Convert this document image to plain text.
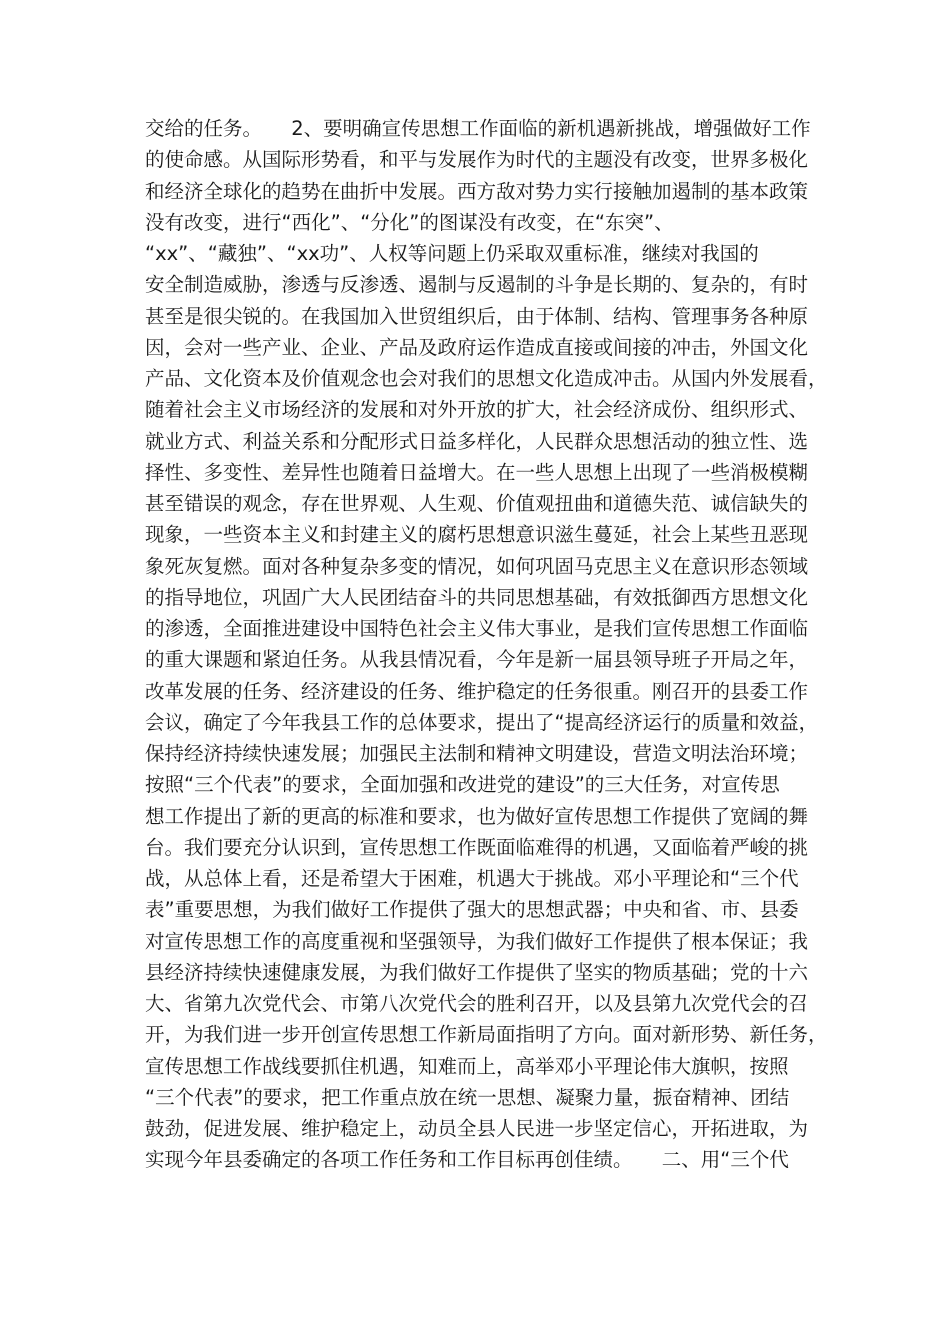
交给的任务。　　2、要明确宣传思想工作面临的新机遇新挑战，增强做好工作
的使命感。从国际形势看，和平与发展作为时代的主题没有改变，世界多极化
和经济全球化的趋势在曲折中发展。西方敌对势力实行接触加遏制的基本政策
没有改变，进行“西化”、“分化”的图谋没有改变，在“东突”、
“xx”、“藏独”、“xx功”、人权等问题上仍采取双重标准，继续对我国的
安全制造威胁，渗透与反渗透、遏制与反遏制的斗争是长期的、复杂的，有时
甚至是很尖锐的。在我国加入世贸组织后，由于体制、结构、管理事务各种原
因，会对一些产业、企业、产品及政府运作造成直接或间接的冲击，外国文化
产品、文化资本及价值观念也会对我们的思想文化造成冲击。从国内外发展看，
随着社会主义市场经济的发展和对外开放的扩大，社会经济成份、组织形式、
就业方式、利益关系和分配形式日益多样化，人民群众思想活动的独立性、选
择性、多变性、差异性也随着日益增大。在一些人思想上出现了一些消极模糊
甚至错误的观念，存在世界观、人生观、价值观扭曲和道德失范、诚信缺失的
现象，一些资本主义和封建主义的腐朽思想意识滋生蔓延，社会上某些丑恶现
象死灰复燃。面对各种复杂多变的情况，如何巩固马克思主义在意识形态领域
的指导地位，巩固广大人民团结奋斗的共同思想基础，有效抵御西方思想文化
的渗透，全面推进建设中国特色社会主义伟大事业，是我们宣传思想工作面临
的重大课题和紧迫任务。从我县情况看，今年是新一届县领导班子开局之年，
改革发展的任务、经济建设的任务、维护稳定的任务很重。刚召开的县委工作
会议，确定了今年我县工作的总体要求，提出了“提高经济运行的质量和效益，
保持经济持续快速发展；加强民主法制和精神文明建设，营造文明法治环境；
按照“三个代表”的要求，全面加强和改进党的建设”的三大任务，对宣传思
想工作提出了新的更高的标准和要求，也为做好宣传思想工作提供了宽阔的舞
台。我们要充分认识到，宣传思想工作既面临难得的机遇，又面临着严峻的挑
战，从总体上看，还是希望大于困难，机遇大于挑战。邓小平理论和“三个代
表”重要思想，为我们做好工作提供了强大的思想武器；中央和省、市、县委
对宣传思想工作的高度重视和坚强领导，为我们做好工作提供了根本保证；我
县经济持续快速健康发展，为我们做好工作提供了坚实的物质基础；党的十六
大、省第九次党代会、市第八次党代会的胜利召开，以及县第九次党代会的召
开，为我们进一步开创宣传思想工作新局面指明了方向。面对新形势、新任务，
宣传思想工作战线要抓住机遇，知难而上，高举邓小平理论伟大旗帜，按照
“三个代表”的要求，把工作重点放在统一思想、凝聚力量，振奋精神、团结
鼓劲，促进发展、维护稳定上，动员全县人民进一步坚定信心，开拓进取，为
实现今年县委确定的各项工作任务和工作目标再创佳绩。　　二、用“三个代
